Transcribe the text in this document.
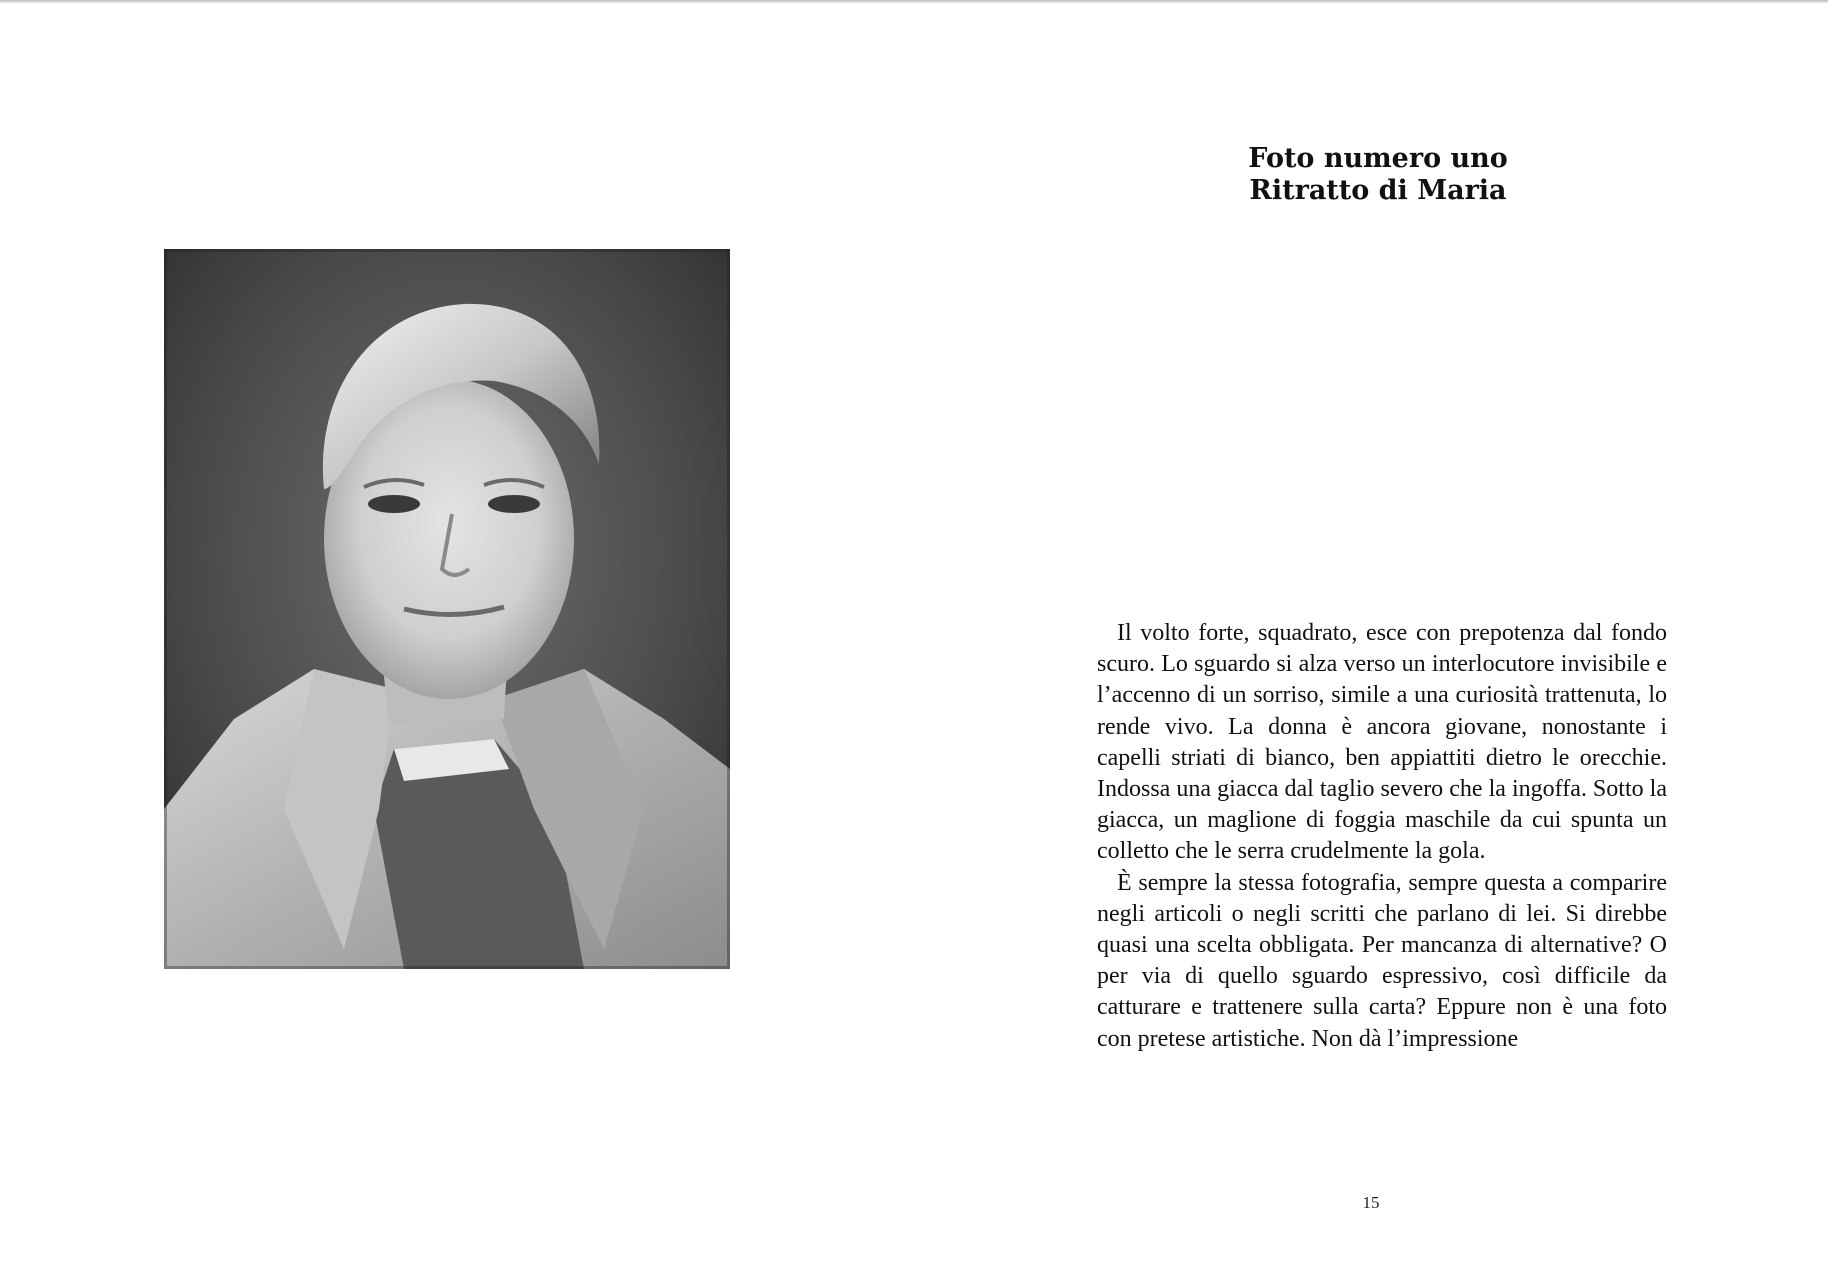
Foto numero uno
Ritratto di Maria

Il volto forte, squadrato, esce con prepotenza dal fondo scuro. Lo sguardo si alza verso un interlocutore invisibile e l’accenno di un sorriso, simile a una curiosità trattenuta, lo rende vivo. La donna è ancora giovane, nonostante i capelli striati di bianco, ben appiattiti dietro le orecchie. Indossa una giacca dal taglio severo che la ingoffa. Sotto la giacca, un maglione di foggia maschile da cui spunta un colletto che le serra crudelmente la gola.

È sempre la stessa fotografia, sempre questa a comparire negli articoli o negli scritti che parlano di lei. Si direbbe quasi una scelta obbligata. Per mancanza di alternative? O per via di quello sguardo espressivo, così difficile da catturare e trattenere sulla carta? Eppure non è una foto con pretese artistiche. Non dà l’impressione

15
